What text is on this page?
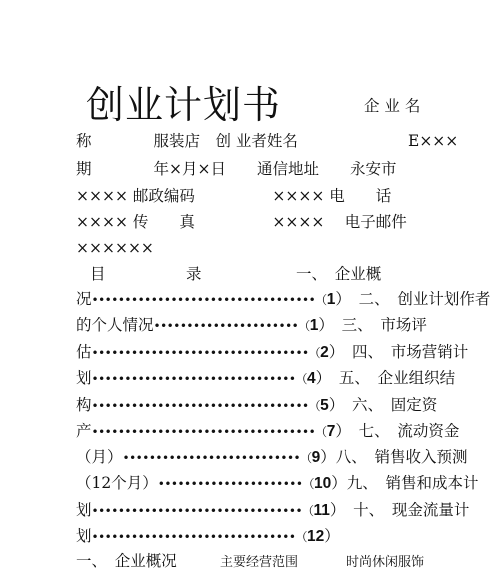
创业计划书	企 业 名
称　　　　服装店　创 业者姓名	E×××
期　　　　年×月×日　　通信地址　　永安市
×××× 邮政编码　　　　　×××× 电　　话
×××× 传　　真　　　　　××××　 电子邮件
××××××
目	录	一、　企业概
况••••••••••••••••••••••••••••••••••（1）　二、　创业计划作者
的个人情况••••••••••••••••••••••（1）　三、　市场评
估•••••••••••••••••••••••••••••••••（2）　四、　市场营销计
划•••••••••••••••••••••••••••••••（4）　五、　企业组织结
构•••••••••••••••••••••••••••••••••（5）　六、　固定资
产••••••••••••••••••••••••••••••••••（7）　七、　流动资金
（月）•••••••••••••••••••••••••••（9）八、　销售收入预测
（12个月）••••••••••••••••••••••（10）九、　销售和成本计
划••••••••••••••••••••••••••••••••（11）　十、　现金流量计
划•••••••••••••••••••••••••••••••（12）
一、　企业概况	主要经营范围	时尚休闲服饰
